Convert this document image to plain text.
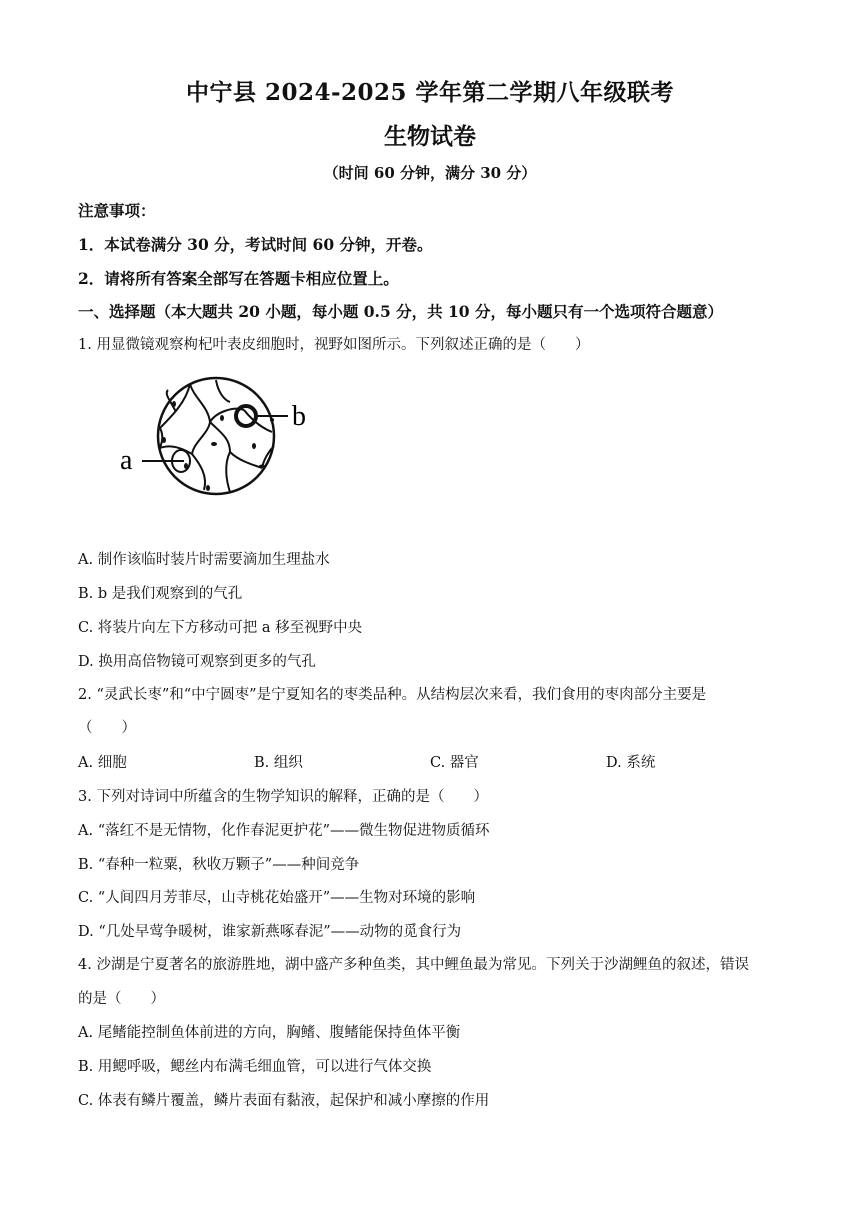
中宁县 2024-2025 学年第二学期八年级联考
生物试卷
（时间 60 分钟，满分 30 分）
注意事项：
1．本试卷满分 30 分，考试时间 60 分钟，开卷。
2．请将所有答案全部写在答题卡相应位置上。
一、选择题（本大题共 20 小题，每小题 0.5 分，共 10 分，每小题只有一个选项符合题意）
1. 用显微镜观察枸杞叶表皮细胞时，视野如图所示。下列叙述正确的是（　　）
b
a
A. 制作该临时装片时需要滴加生理盐水
B. b 是我们观察到的气孔
C. 将装片向左下方移动可把 a 移至视野中央
D. 换用高倍物镜可观察到更多的气孔
2. “灵武长枣”和“中宁圆枣”是宁夏知名的枣类品种。从结构层次来看，我们食用的枣肉部分主要是
（　　）
A. 细胞	B. 组织	C. 器官	D. 系统
3. 下列对诗词中所蕴含的生物学知识的解释，正确的是（　　）
A. “落红不是无情物，化作春泥更护花”——微生物促进物质循环
B. “春种一粒粟，秋收万颗子”——种间竞争
C. “人间四月芳菲尽，山寺桃花始盛开”——生物对环境的影响
D. “几处早莺争暖树，谁家新燕啄春泥”——动物的觅食行为
4. 沙湖是宁夏著名的旅游胜地，湖中盛产多种鱼类，其中鲤鱼最为常见。下列关于沙湖鲤鱼的叙述，错误
的是（　　）
A. 尾鳍能控制鱼体前进的方向，胸鳍、腹鳍能保持鱼体平衡
B. 用鳃呼吸，鳃丝内布满毛细血管，可以进行气体交换
C. 体表有鳞片覆盖，鳞片表面有黏液，起保护和减小摩擦的作用
